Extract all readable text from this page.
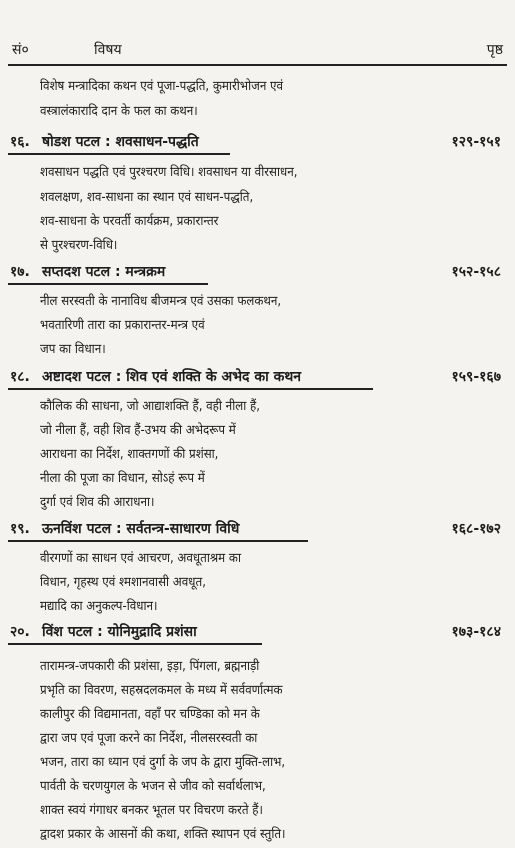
सं०	विषय	पृष्ठ
विशेष मन्त्रादिका कथन एवं पूजा-पद्धति, कुमारीभोजन एवं
वस्त्रालंकारादि दान के फल का कथन।
१६. षोडश पटल : शवसाधन-पद्धति	१२९-१५१
शवसाधन पद्धति एवं पुरश्चरण विधि। शवसाधन या वीरसाधन,
शवलक्षण, शव-साधना का स्थान एवं साधन-पद्धति,
शव-साधना के परवर्ती कार्यक्रम, प्रकारान्तर
से पुरश्चरण-विधि।
१७. सप्तदश पटल : मन्त्रक्रम	१५२-१५८
नील सरस्वती के नानाविध बीजमन्त्र एवं उसका फलकथन,
भवतारिणी तारा का प्रकारान्तर-मन्त्र एवं
जप का विधान।
१८. अष्टादश पटल : शिव एवं शक्ति के अभेद का कथन	१५९-१६७
कौलिक की साधना, जो आद्याशक्ति हैं, वही नीला हैं,
जो नीला हैं, वही शिव हैं-उभय की अभेदरूप में
आराधना का निर्देश, शाक्तगणों की प्रशंसा,
नीला की पूजा का विधान, सोऽहं रूप में
दुर्गा एवं शिव की आराधना।
१९. ऊनविंश पटल : सर्वतन्त्र-साधारण विधि	१६८-१७२
वीरगणों का साधन एवं आचरण, अवधूताश्रम का
विधान, गृहस्थ एवं श्मशानवासी अवधूत,
मद्यादि का अनुकल्प-विधान।
२०. विंश पटल : योनिमुद्रादि प्रशंसा	१७३-१८४
तारामन्त्र-जपकारी की प्रशंसा, इड़ा, पिंगला, ब्रह्मनाड़ी
प्रभृति का विवरण, सहस्रदलकमल के मध्य में सर्ववर्णात्मक
कालीपुर की विद्यमानता, वहाँ पर चण्डिका को मन के
द्वारा जप एवं पूजा करने का निर्देश, नीलसरस्वती का
भजन, तारा का ध्यान एवं दुर्गा के जप के द्वारा मुक्ति-लाभ,
पार्वती के चरणयुगल के भजन से जीव को सर्वार्थलाभ,
शाक्त स्वयं गंगाधर बनकर भूतल पर विचरण करते हैं।
द्वादश प्रकार के आसनों की कथा, शक्ति स्थापन एवं स्तुति।
